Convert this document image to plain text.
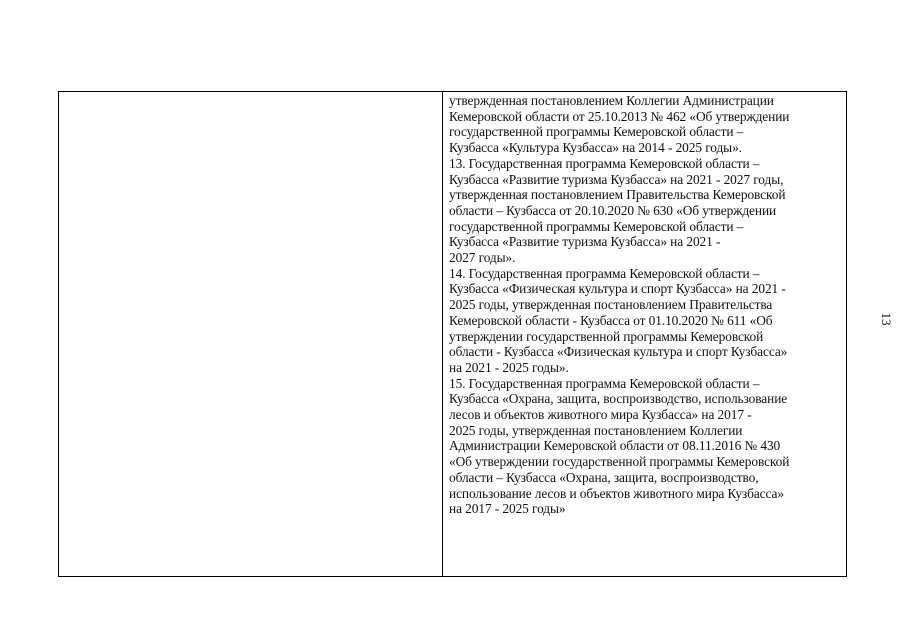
утвержденная постановлением Коллегии Администрации
Кемеровской области от 25.10.2013 № 462 «Об утверждении
государственной программы Кемеровской области –
Кузбасса «Культура Кузбасса» на 2014 - 2025 годы».
13. Государственная программа Кемеровской области –
Кузбасса «Развитие туризма Кузбасса» на 2021 - 2027 годы,
утвержденная постановлением Правительства Кемеровской
области – Кузбасса от 20.10.2020 № 630 «Об утверждении
государственной программы Кемеровской области –
Кузбасса «Развитие туризма Кузбасса» на 2021 -
2027 годы».
14. Государственная программа Кемеровской области –
Кузбасса «Физическая культура и спорт Кузбасса» на 2021 -
2025 годы, утвержденная постановлением Правительства
Кемеровской области - Кузбасса от 01.10.2020 № 611 «Об
утверждении государственной программы Кемеровской
области - Кузбасса «Физическая культура и спорт Кузбасса»
на 2021 - 2025 годы».
15. Государственная программа Кемеровской области –
Кузбасса «Охрана, защита, воспроизводство, использование
лесов и объектов животного мира Кузбасса» на 2017 -
2025 годы, утвержденная постановлением Коллегии
Администрации Кемеровской области от 08.11.2016 № 430
«Об утверждении государственной программы Кемеровской
области – Кузбасса «Охрана, защита, воспроизводство,
использование лесов и объектов животного мира Кузбасса»
на 2017 - 2025 годы»
13
